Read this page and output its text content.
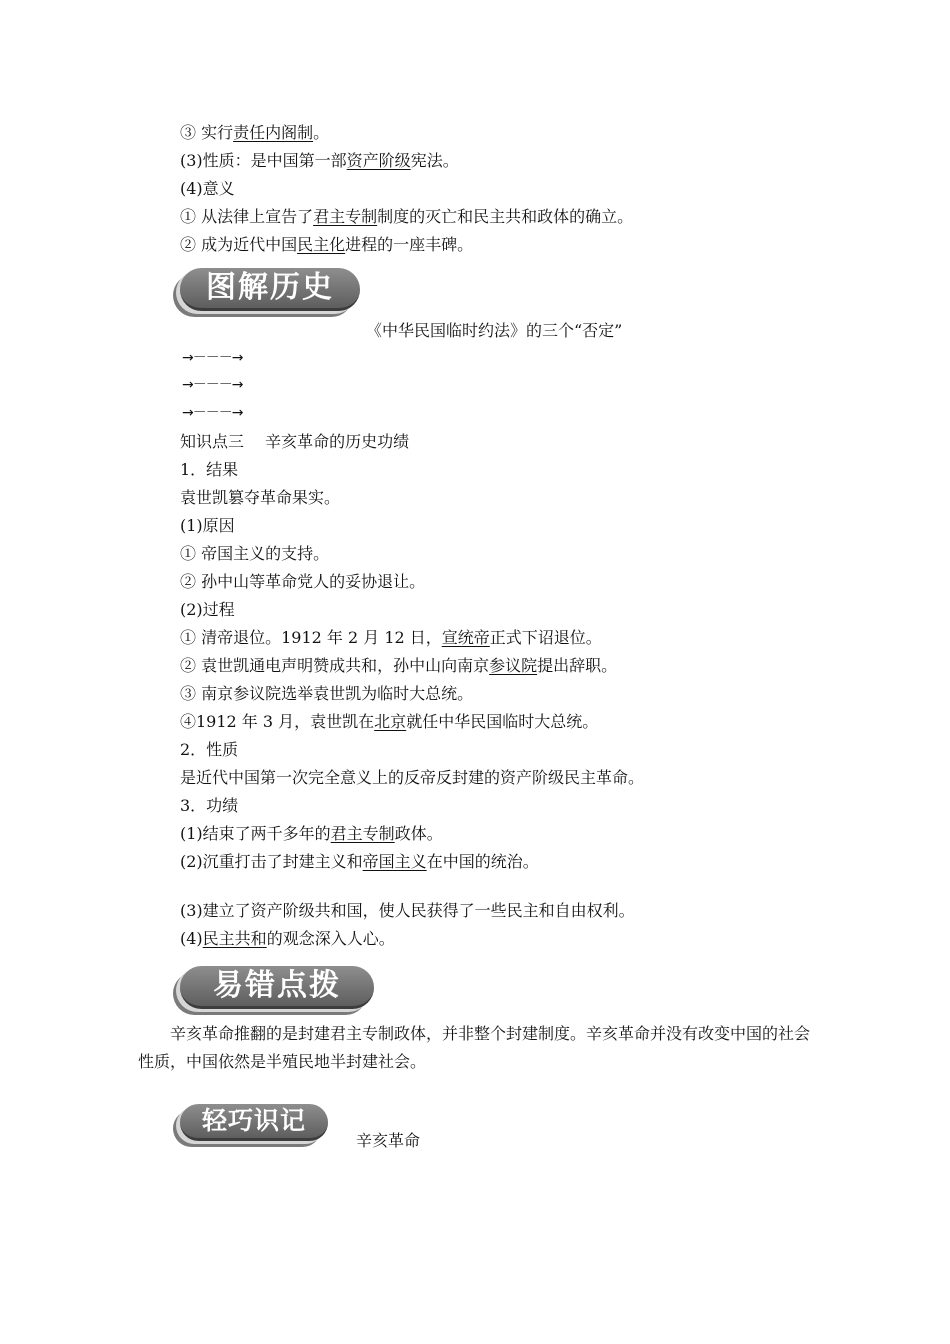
③ 实行责任内阁制。
(3)性质：是中国第一部资产阶级宪法。
(4)意义
① 从法律上宣告了君主专制制度的灭亡和民主共和政体的确立。
② 成为近代中国民主化进程的一座丰碑。
图解历史
《中华民国临时约法》的三个“否定”
→－－－→
→－－－→
→－－－→
知识点三　 辛亥革命的历史功绩
1．结果
袁世凯篡夺革命果实。
(1)原因
① 帝国主义的支持。
② 孙中山等革命党人的妥协退让。
(2)过程
① 清帝退位。1912 年 2 月 12 日，宣统帝正式下诏退位。
② 袁世凯通电声明赞成共和，孙中山向南京参议院提出辞职。
③ 南京参议院选举袁世凯为临时大总统。
④1912 年 3 月，袁世凯在北京就任中华民国临时大总统。
2．性质
是近代中国第一次完全意义上的反帝反封建的资产阶级民主革命。
3．功绩
(1)结束了两千多年的君主专制政体。
(2)沉重打击了封建主义和帝国主义在中国的统治。
(3)建立了资产阶级共和国，使人民获得了一些民主和自由权利。
(4)民主共和的观念深入人心。
易错点拨
辛亥革命推翻的是封建君主专制政体，并非整个封建制度。辛亥革命并没有改变中国的社会性质，中国依然是半殖民地半封建社会。
轻巧识记
辛亥革命
